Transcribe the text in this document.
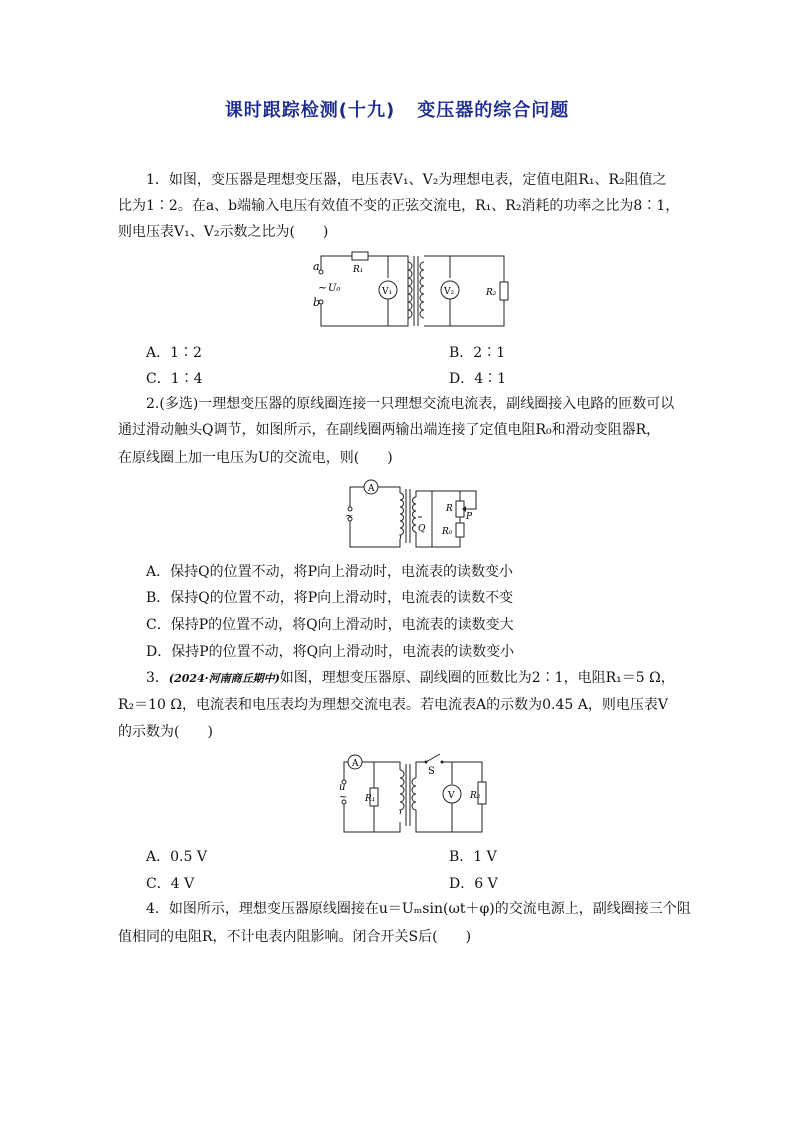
课时跟踪检测(十九) 变压器的综合问题
1．如图，变压器是理想变压器，电压表V₁、V₂为理想电表，定值电阻R₁、R₂阻值之
比为1∶2。在a、b端输入电压有效值不变的正弦交流电，R₁、R₂消耗的功率之比为8∶1，
则电压表V₁、V₂示数之比为(　　)
a
b
~ U₀
R₁
V₁	V₂	R₂
A．1∶2	B．2∶1
C．1∶4	D．4∶1
2.(多选)一理想变压器的原线圈连接一只理想交流电流表，副线圈接入电路的匝数可以
通过滑动触头Q调节，如图所示，在副线圈两输出端连接了定值电阻R₀和滑动变阻器R，
在原线圈上加一电压为U的交流电，则(　　)
A
~
R
P
Q R₀
A．保持Q的位置不动，将P向上滑动时，电流表的读数变小
B．保持Q的位置不动，将P向上滑动时，电流表的读数不变
C．保持P的位置不动，将Q向上滑动时，电流表的读数变大
D．保持P的位置不动，将Q向上滑动时，电流表的读数变小
3．(2024·河南商丘期中)如图，理想变压器原、副线圈的匝数比为2∶1，电阻R₁＝5 Ω，
R₂＝10 Ω，电流表和电压表均为理想交流电表。若电流表A的示数为0.45 A，则电压表V
的示数为(　　)
A
u
~ R₁
S
V R₂
A．0.5 V	B．1 V
C．4 V	D．6 V
4．如图所示，理想变压器原线圈接在u＝Uₘsin(ωt＋φ)的交流电源上，副线圈接三个阻
值相同的电阻R，不计电表内阻影响。闭合开关S后(　　)
